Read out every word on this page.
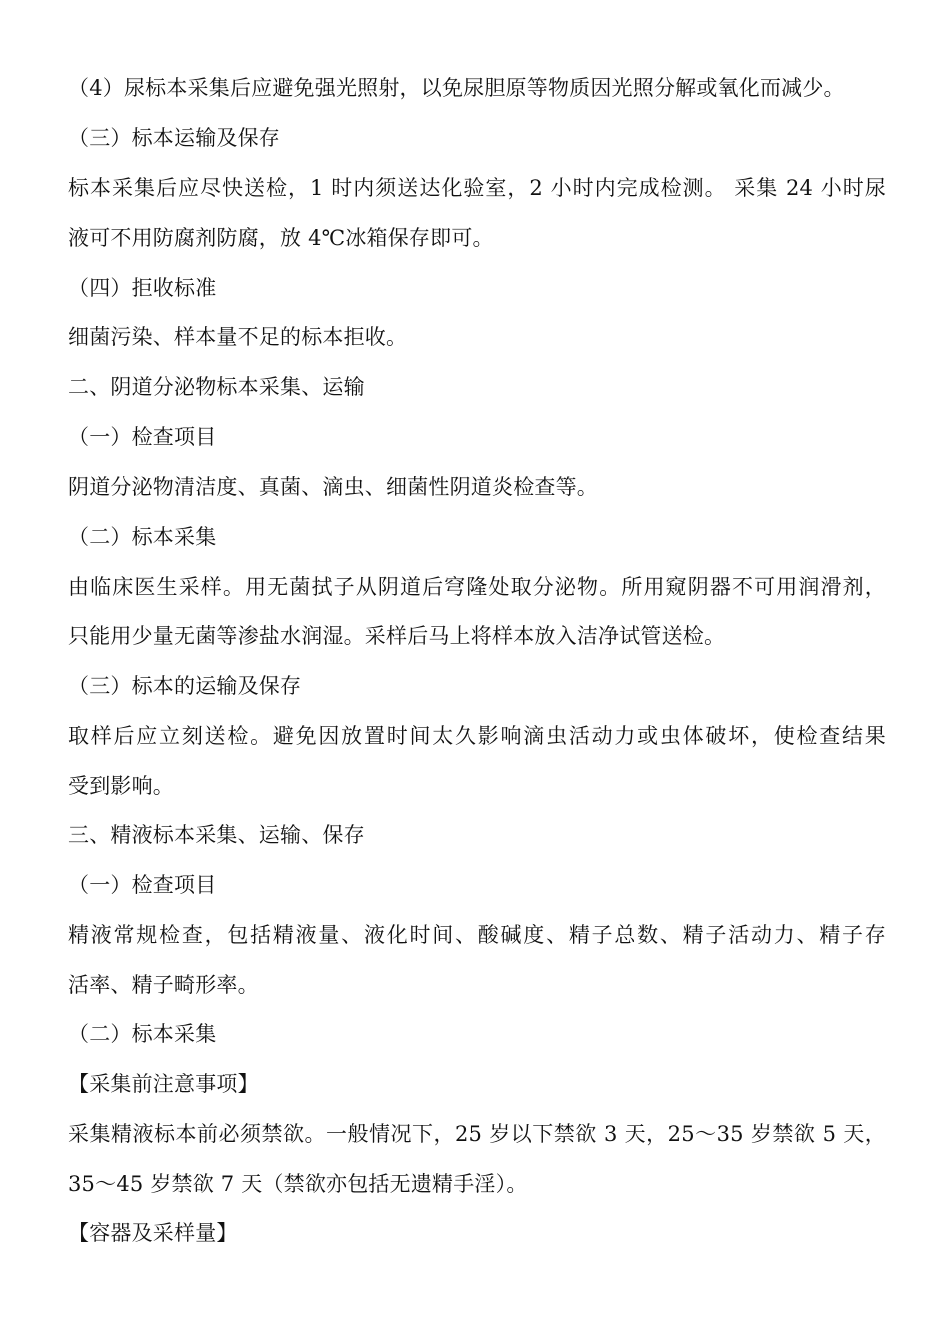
（4）尿标本采集后应避免强光照射，以免尿胆原等物质因光照分解或氧化而减少。
（三）标本运输及保存
标本采集后应尽快送检，1 时内须送达化验室，2 小时内完成检测。 采集 24 小时尿
液可不用防腐剂防腐，放 4℃冰箱保存即可。
（四）拒收标准
细菌污染、样本量不足的标本拒收。
二、阴道分泌物标本采集、运输
（一）检查项目
阴道分泌物清洁度、真菌、滴虫、细菌性阴道炎检查等。
（二）标本采集
由临床医生采样。用无菌拭子从阴道后穹隆处取分泌物。所用窥阴器不可用润滑剂，
只能用少量无菌等渗盐水润湿。采样后马上将样本放入洁净试管送检。
（三）标本的运输及保存
取样后应立刻送检。避免因放置时间太久影响滴虫活动力或虫体破坏，使检查结果
受到影响。
三、精液标本采集、运输、保存
（一）检查项目
精液常规检查，包括精液量、液化时间、酸碱度、精子总数、精子活动力、精子存
活率、精子畸形率。
（二）标本采集
【采集前注意事项】
采集精液标本前必须禁欲。一般情况下，25 岁以下禁欲 3 天，25～35 岁禁欲 5 天，
35～45 岁禁欲 7 天（禁欲亦包括无遗精手淫）。
【容器及采样量】
